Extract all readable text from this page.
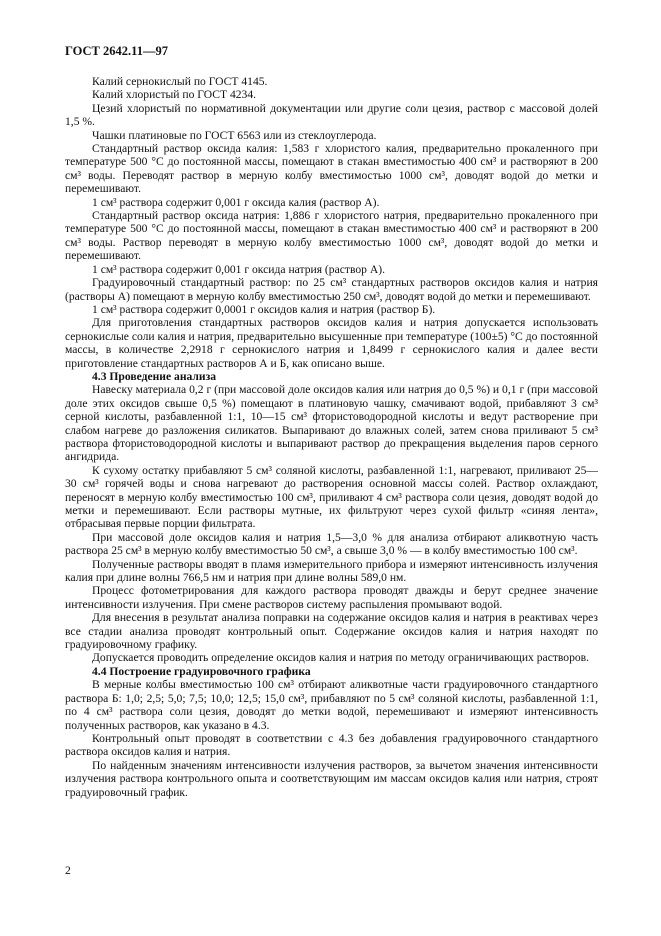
ГОСТ 2642.11—97

Калий сернокислый по ГОСТ 4145.

Калий хлористый по ГОСТ 4234.

Цезий хлористый по нормативной документации или другие соли цезия, раствор с массовой долей 1,5 %.

Чашки платиновые по ГОСТ 6563 или из стеклоуглерода.

Стандартный раствор оксида калия: 1,583 г хлористого калия, предварительно прокаленного при температуре 500 °С до постоянной массы, помещают в стакан вместимостью 400 см³ и растворяют в 200 см³ воды. Переводят раствор в мерную колбу вместимостью 1000 см³, доводят водой до метки и перемешивают.

1 см³ раствора содержит 0,001 г оксида калия (раствор А).

Стандартный раствор оксида натрия: 1,886 г хлористого натрия, предварительно прокаленного при температуре 500 °С до постоянной массы, помещают в стакан вместимостью 400 см³ и растворяют в 200 см³ воды. Раствор переводят в мерную колбу вместимостью 1000 см³, доводят водой до метки и перемешивают.

1 см³ раствора содержит 0,001 г оксида натрия (раствор А).

Градуировочный стандартный раствор: по 25 см³ стандартных растворов оксидов калия и натрия (растворы А) помещают в мерную колбу вместимостью 250 см³, доводят водой до метки и перемешивают.

1 см³ раствора содержит 0,0001 г оксидов калия и натрия (раствор Б).

Для приготовления стандартных растворов оксидов калия и натрия допускается использовать сернокислые соли калия и натрия, предварительно высушенные при температуре (100±5) °С до постоянной массы, в количестве 2,2918 г сернокислого натрия и 1,8499 г сернокислого калия и далее вести приготовление стандартных растворов А и Б, как описано выше.

4.3 Проведение анализа

Навеску материала 0,2 г (при массовой доле оксидов калия или натрия до 0,5 %) и 0,1 г (при массовой доле этих оксидов свыше 0,5 %) помещают в платиновую чашку, смачивают водой, прибавляют 3 см³ серной кислоты, разбавленной 1:1, 10—15 см³ фтористоводородной кислоты и ведут растворение при слабом нагреве до разложения силикатов. Выпаривают до влажных солей, затем снова приливают 5 см³ раствора фтористоводородной кислоты и выпаривают раствор до прекращения выделения паров серного ангидрида.

К сухому остатку прибавляют 5 см³ соляной кислоты, разбавленной 1:1, нагревают, приливают 25—30 см³ горячей воды и снова нагревают до растворения основной массы солей. Раствор охлаждают, переносят в мерную колбу вместимостью 100 см³, приливают 4 см³ раствора соли цезия, доводят водой до метки и перемешивают. Если растворы мутные, их фильтруют через сухой фильтр «синяя лента», отбрасывая первые порции фильтрата.

При массовой доле оксидов калия и натрия 1,5—3,0 % для анализа отбирают аликвотную часть раствора 25 см³ в мерную колбу вместимостью 50 см³, а свыше 3,0 % — в колбу вместимостью 100 см³.

Полученные растворы вводят в пламя измерительного прибора и измеряют интенсивность излучения калия при длине волны 766,5 нм и натрия при длине волны 589,0 нм.

Процесс фотометрирования для каждого раствора проводят дважды и берут среднее значение интенсивности излучения. При смене растворов систему распыления промывают водой.

Для внесения в результат анализа поправки на содержание оксидов калия и натрия в реактивах через все стадии анализа проводят контрольный опыт. Содержание оксидов калия и натрия находят по градуировочному графику.

Допускается проводить определение оксидов калия и натрия по методу ограничивающих растворов.

4.4 Построение градуировочного графика

В мерные колбы вместимостью 100 см³ отбирают аликвотные части градуировочного стандартного раствора Б: 1,0; 2,5; 5,0; 7,5; 10,0; 12,5; 15,0 см³, прибавляют по 5 см³ соляной кислоты, разбавленной 1:1, по 4 см³ раствора соли цезия, доводят до метки водой, перемешивают и измеряют интенсивность полученных растворов, как указано в 4.3.

Контрольный опыт проводят в соответствии с 4.3 без добавления градуировочного стандартного раствора оксидов калия и натрия.

По найденным значениям интенсивности излучения растворов, за вычетом значения интенсивности излучения раствора контрольного опыта и соответствующим им массам оксидов калия или натрия, строят градуировочный график.

2
